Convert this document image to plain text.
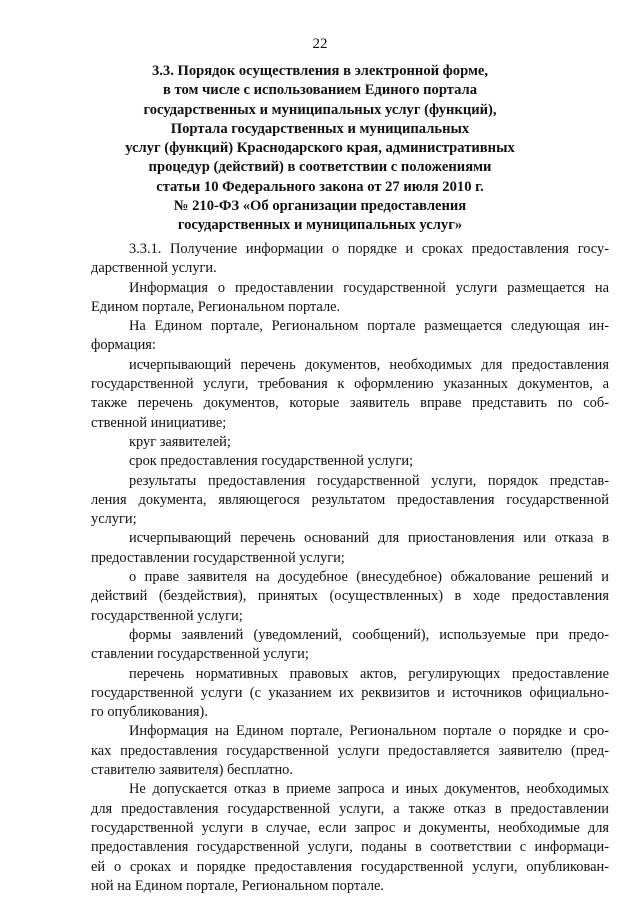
22

3.3. Порядок осуществления в электронной форме,
в том числе с использованием Единого портала
государственных и муниципальных услуг (функций),
Портала государственных и муниципальных
услуг (функций) Краснодарского края, административных
процедур (действий) в соответствии с положениями
статьи 10 Федерального закона от 27 июля 2010 г.
№ 210-ФЗ «Об организации предоставления
государственных и муниципальных услуг»
3.3.1. Получение информации о порядке и сроках предоставления госу-
дарственной услуги.
Информация о предоставлении государственной услуги размещается на
Едином портале, Региональном портале.
На Едином портале, Региональном портале размещается следующая ин-
формация:
исчерпывающий перечень документов, необходимых для предоставления
государственной услуги, требования к оформлению указанных документов, а
также перечень документов, которые заявитель вправе представить по соб-
ственной инициативе;
круг заявителей;
срок предоставления государственной услуги;
результаты предоставления государственной услуги, порядок представ-
ления документа, являющегося результатом предоставления государственной
услуги;
исчерпывающий перечень оснований для приостановления или отказа в
предоставлении государственной услуги;
о праве заявителя на досудебное (внесудебное) обжалование решений и
действий (бездействия), принятых (осуществленных) в ходе предоставления
государственной услуги;
формы заявлений (уведомлений, сообщений), используемые при предо-
ставлении государственной услуги;
перечень нормативных правовых актов, регулирующих предоставление
государственной услуги (с указанием их реквизитов и источников официально-
го опубликования).
Информация на Едином портале, Региональном портале о порядке и сро-
ках предоставления государственной услуги предоставляется заявителю (пред-
ставителю заявителя) бесплатно.
Не допускается отказ в приеме запроса и иных документов, необходимых
для предоставления государственной услуги, а также отказ в предоставлении
государственной услуги в случае, если запрос и документы, необходимые для
предоставления государственной услуги, поданы в соответствии с информаци-
ей о сроках и порядке предоставления государственной услуги, опубликован-
ной на Едином портале, Региональном портале.
